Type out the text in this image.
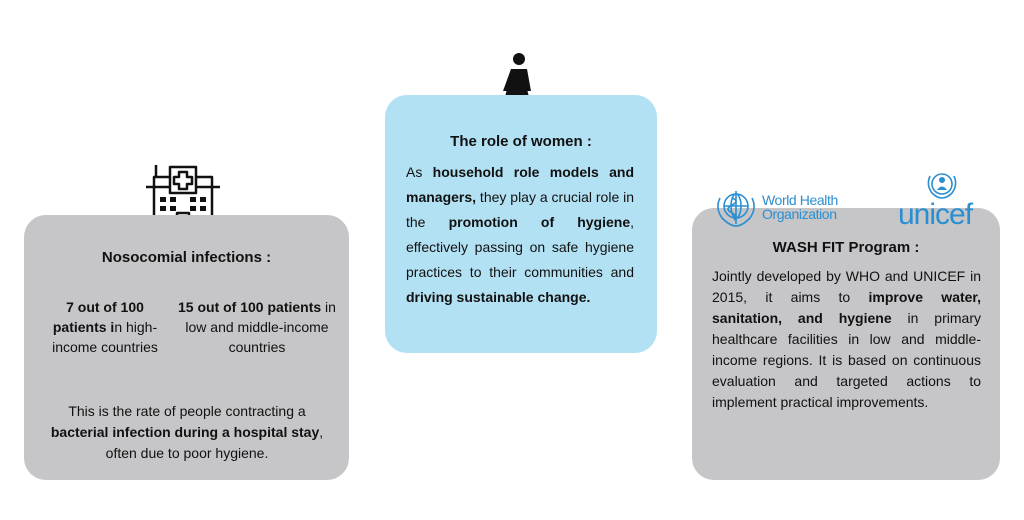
Nosocomial infections :
7 out of 100 patients in high-income countries
15 out of 100 patients in low and middle-income countries
This is the rate of people contracting a bacterial infection during a hospital stay, often due to poor hygiene.
The role of women :
As household role models and managers, they play a crucial role in the promotion of hygiene, effectively passing on safe hygiene practices to their communities and driving sustainable change.
WASH FIT Program :
Jointly developed by WHO and UNICEF in 2015, it aims to improve water, sanitation, and hygiene in primary healthcare facilities in low and middle-income regions. It is based on continuous evaluation and targeted actions to implement practical improvements.
World Health
Organization unicef
